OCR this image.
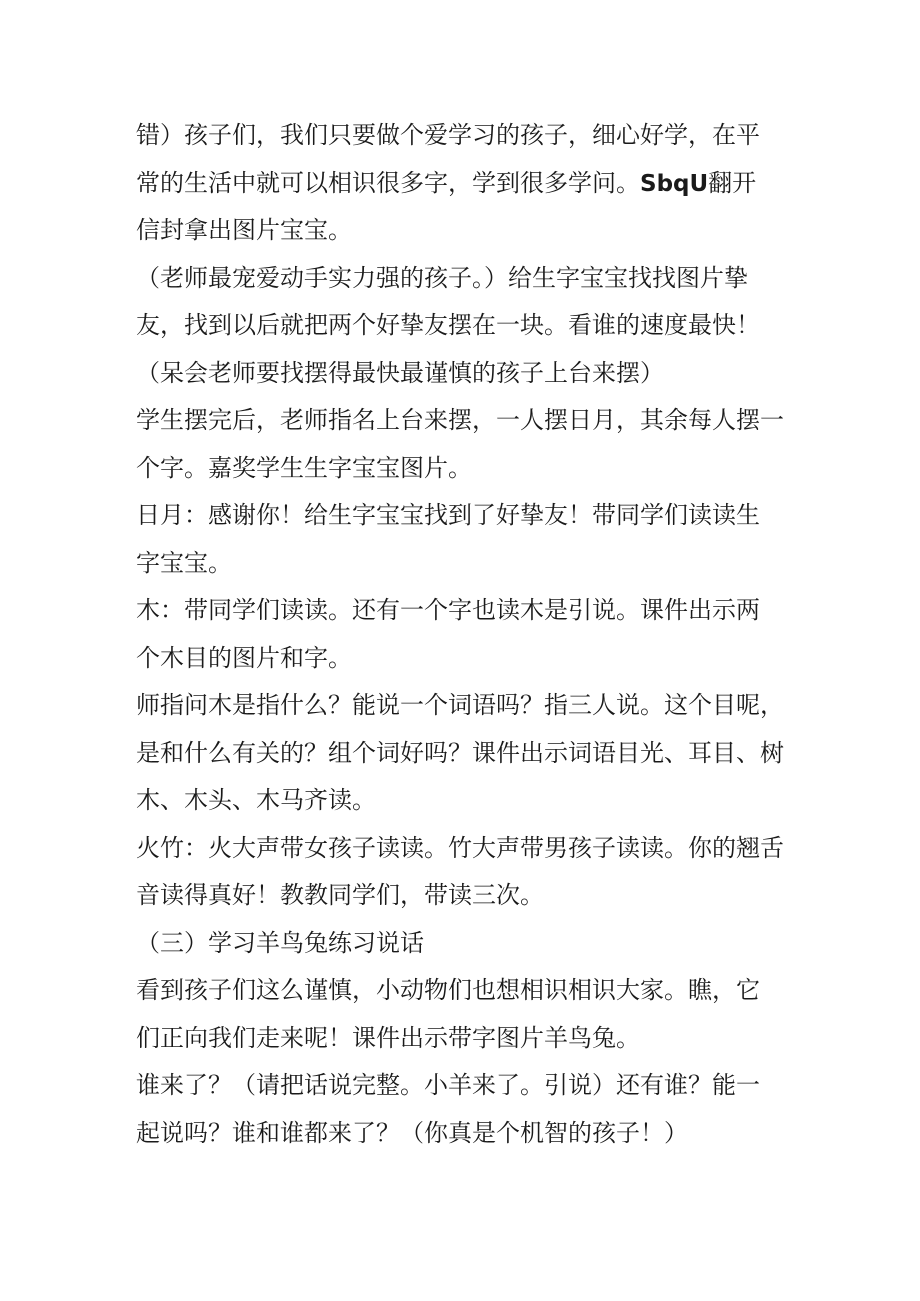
错）孩子们，我们只要做个爱学习的孩子，细心好学，在平
常的生活中就可以相识很多字，学到很多学问。SbqU翻开
信封拿出图片宝宝。
（老师最宠爱动手实力强的孩子。）给生字宝宝找找图片挚
友，找到以后就把两个好挚友摆在一块。看谁的速度最快！
（呆会老师要找摆得最快最谨慎的孩子上台来摆）
学生摆完后，老师指名上台来摆，一人摆日月，其余每人摆一
个字。嘉奖学生生字宝宝图片。
日月：感谢你！给生字宝宝找到了好挚友！带同学们读读生
字宝宝。
木：带同学们读读。还有一个字也读木是引说。课件出示两
个木目的图片和字。
师指问木是指什么？能说一个词语吗？指三人说。这个目呢，
是和什么有关的？组个词好吗？课件出示词语目光、耳目、树
木、木头、木马齐读。
火竹：火大声带女孩子读读。竹大声带男孩子读读。你的翘舌
音读得真好！教教同学们，带读三次。
（三）学习羊鸟兔练习说话
看到孩子们这么谨慎，小动物们也想相识相识大家。瞧，它
们正向我们走来呢！课件出示带字图片羊鸟兔。
谁来了？（请把话说完整。小羊来了。引说）还有谁？能一
起说吗？谁和谁都来了？（你真是个机智的孩子！）
